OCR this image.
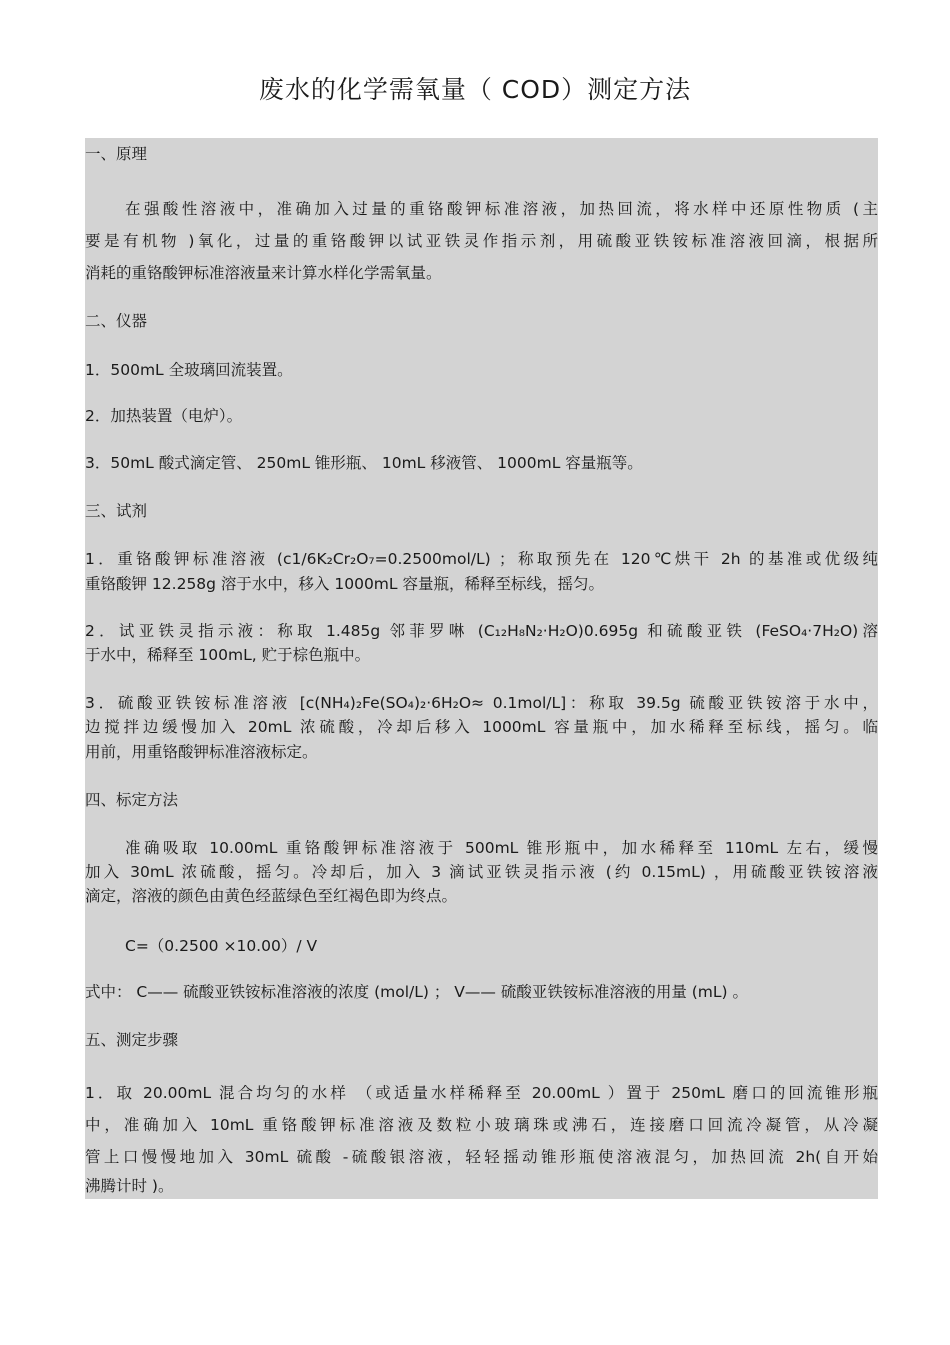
废水的化学需氧量（ COD）测定方法
一、原理
在强酸性溶液中，准确加入过量的重铬酸钾标准溶液，加热回流，将水样中还原性物质 (主
要是有机物 )氧化，过量的重铬酸钾以试亚铁灵作指示剂，用硫酸亚铁铵标准溶液回滴，根据所
消耗的重铬酸钾标准溶液量来计算水样化学需氧量。
二、仪器
1．500mL 全玻璃回流装置。
2．加热装置（电炉）。
3．50mL 酸式滴定管、 250mL 锥形瓶、 10mL 移液管、 1000mL 容量瓶等。
三、试剂
1．重铬酸钾标准溶液 (c1/6K₂Cr₂O₇=0.2500mol/L) ；称取预先在 120℃烘干 2h 的基准或优级纯
重铬酸钾 12.258g 溶于水中，移入 1000mL 容量瓶，稀释至标线，摇匀。
2．试亚铁灵指示液：称取 1.485g 邻菲罗啉 (C₁₂H₈N₂·H₂O)0.695g 和硫酸亚铁 (FeSO₄·7H₂O)溶
于水中，稀释至 100mL, 贮于棕色瓶中。
3．硫酸亚铁铵标准溶液 [c(NH₄)₂Fe(SO₄)₂·6H₂O≈ 0.1mol/L]：称取 39.5g 硫酸亚铁铵溶于水中，
边搅拌边缓慢加入 20mL 浓硫酸，冷却后移入 1000mL 容量瓶中，加水稀释至标线，摇匀。临
用前，用重铬酸钾标准溶液标定。
四、标定方法
准确吸取 10.00mL 重铬酸钾标准溶液于 500mL 锥形瓶中，加水稀释至 110mL 左右，缓慢
加入 30mL 浓硫酸，摇匀。冷却后，加入 3 滴试亚铁灵指示液 (约 0.15mL) ，用硫酸亚铁铵溶液
滴定，溶液的颜色由黄色经蓝绿色至红褐色即为终点。
C=（0.2500 ×10.00）/ V
式中： C—— 硫酸亚铁铵标准溶液的浓度 (mol/L) ； V—— 硫酸亚铁铵标准溶液的用量 (mL) 。
五、测定步骤
1．取 20.00mL 混合均匀的水样 （或适量水样稀释至 20.00mL ）置于 250mL 磨口的回流锥形瓶
中，准确加入 10mL 重铬酸钾标准溶液及数粒小玻璃珠或沸石，连接磨口回流冷凝管，从冷凝
管上口慢慢地加入 30mL 硫酸 -硫酸银溶液，轻轻摇动锥形瓶使溶液混匀，加热回流 2h(自开始
沸腾计时 )。
